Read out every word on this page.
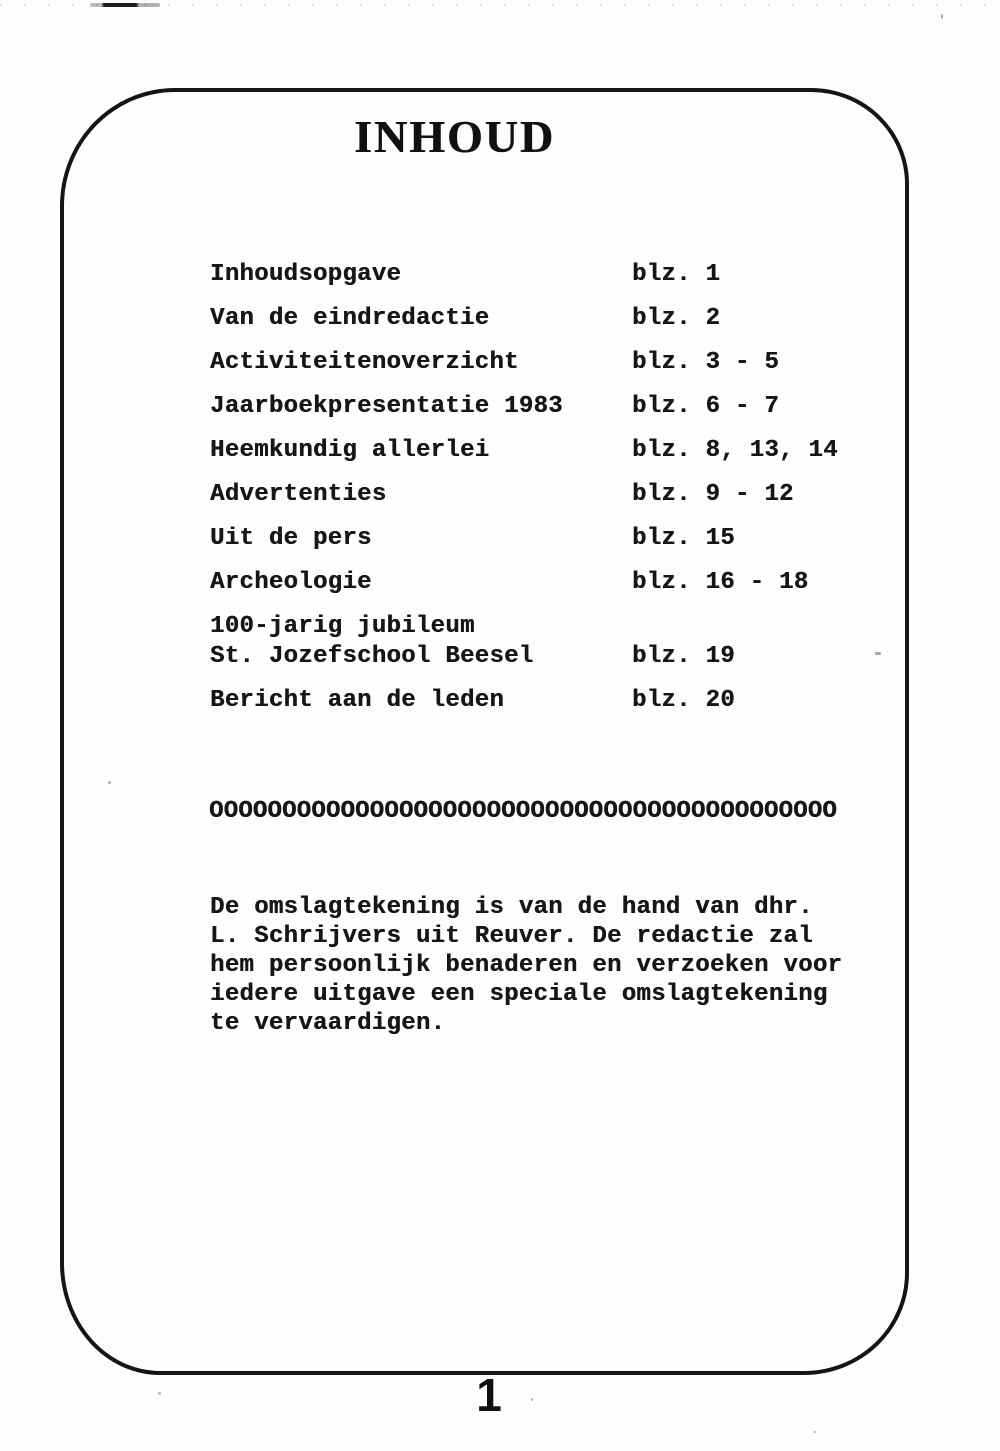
INHOUD
Inhoudsopgave	blz. 1
Van de eindredactie	blz. 2
Activiteitenoverzicht	blz. 3 - 5
Jaarboekpresentatie 1983	blz. 6 - 7
Heemkundig allerlei	blz. 8, 13, 14
Advertenties	blz. 9 - 12
Uit de pers	blz. 15
Archeologie	blz. 16 - 18
100-jarig jubileum
St. Jozefschool Beesel	blz. 19
Bericht aan de leden	blz. 20
OOOOOOOOOOOOOOOOOOOOOOOOOOOOOOOOOOOOOOOOOOO
De omslagtekening is van de hand van dhr.
L. Schrijvers uit Reuver. De redactie zal
hem persoonlijk benaderen en verzoeken voor
iedere uitgave een speciale omslagtekening
te vervaardigen.
1
